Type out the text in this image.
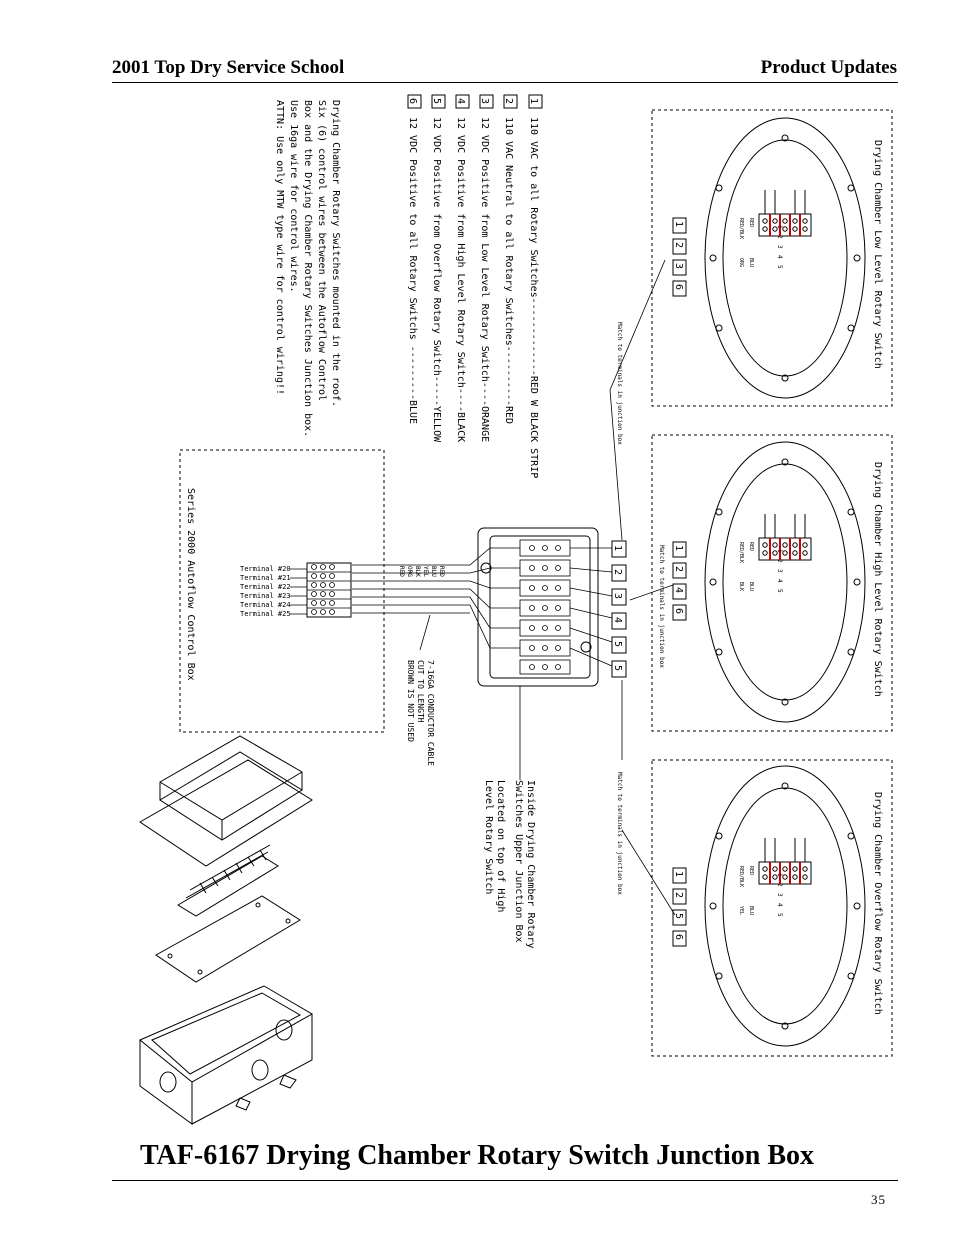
2001 Top Dry Service School	Product Updates
1
110 VAC to all Rotary Switches-------------RED W BLACK STRIP
2
110 VAC Neutral to all Rotary Switches----------RED
3
12 VDC Positive from Low Level Rotary Switch----ORANGE
4
12 VDC Positive from High Level Rotary Switch----BLACK
5
12 VDC Positive from Overflow Rotary Switch-----YELLOW
6
12 VDC Positive to all Rotary Switchs ---------BLUE
Drying Chamber Rotary Switches mounted in the roof.
Six (6) control wires between the Autoflow Control
Box and the Drying Chamber Rotary Switches Junction box.
Use 16ga wire for control wires.
ATTN: Use only MTW type wire for control wiring!!	1
2
3
4
5	Drying Chamber Low Level Rotary Switch
RED/BLK RED
ORG BLU
1
2
3
6
1
2
3
4
5	Drying Chamber High Level Rotary Switch
RED/BLK RED
BLK BLU
1
2
4
6
1
2
3
4
5	Drying Chamber Overflow Rotary Switch
RED/BLK RED
YEL BLU
1
2
5
6
Match to terminals in junction box
Match to terminals in junction box
Match to terminals in junction box
1
2
3
4
5
5
7-16GA CONDUCTOR CABLE
CUT TO LENGTH
BROWN IS NOT USED
RED ORG BLK YEL BLU RED
Inside Drying Chamber Rotary
Switches Upper Junction Box
Located on top of High
Level Rotary Switch
Series 2000 Autoflow Control Box	Terminal #20
Terminal #21
Terminal #22
Terminal #23
Terminal #24
Terminal #25
TAF-6167 Drying Chamber Rotary Switch Junction Box
35
